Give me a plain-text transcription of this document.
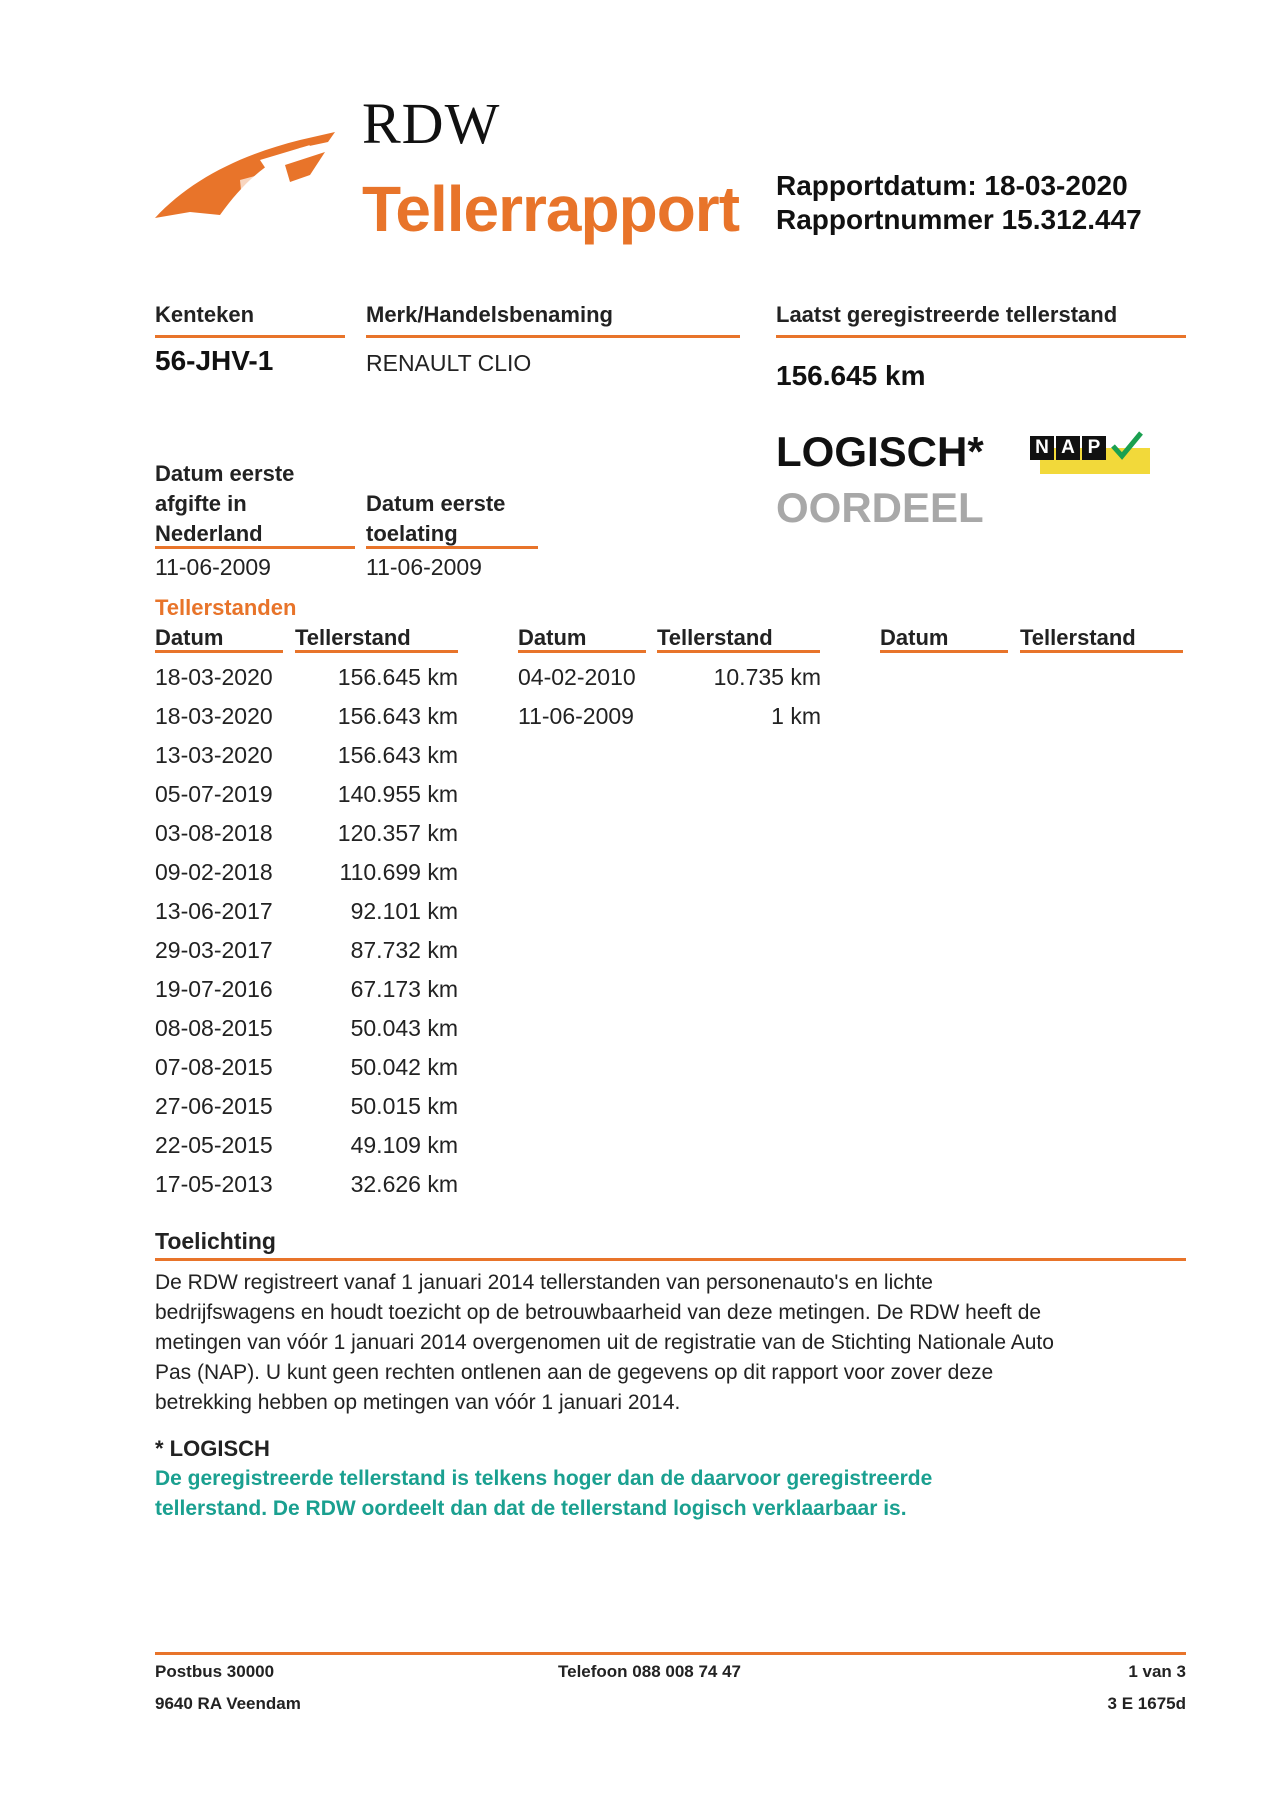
RDW
Tellerrapport Rapportdatum: 18-03-2020
Rapportnummer 15.312.447
Kenteken
56-JHV-1
Merk/Handelsbenaming
RENAULT CLIO
Laatst geregistreerde tellerstand
156.645 km
LOGISCH*
OORDEEL
N A P
Datum eerste
afgifte in
Nederland
11-06-2009
Datum eerste
toelating
11-06-2009
Tellerstanden
Datum	Tellerstand	Datum	Tellerstand	Datum	Tellerstand
18-03-2020	156.645 km
18-03-2020	156.643 km
13-03-2020	156.643 km
05-07-2019	140.955 km
03-08-2018	120.357 km
09-02-2018	110.699 km
13-06-2017	92.101 km
29-03-2017	87.732 km
19-07-2016	67.173 km
08-08-2015	50.043 km
07-08-2015	50.042 km
27-06-2015	50.015 km
22-05-2015	49.109 km
17-05-2013	32.626 km
04-02-2010	10.735 km
11-06-2009	1 km
Toelichting
De RDW registreert vanaf 1 januari 2014 tellerstanden van personenauto's en lichte
bedrijfswagens en houdt toezicht op de betrouwbaarheid van deze metingen. De RDW heeft de
metingen van vóór 1 januari 2014 overgenomen uit de registratie van de Stichting Nationale Auto
Pas (NAP). U kunt geen rechten ontlenen aan de gegevens op dit rapport voor zover deze
betrekking hebben op metingen van vóór 1 januari 2014.
* LOGISCH
De geregistreerde tellerstand is telkens hoger dan de daarvoor geregistreerde
tellerstand. De RDW oordeelt dan dat de tellerstand logisch verklaarbaar is.
Postbus 30000
9640 RA Veendam
Telefoon 088 008 74 47	1 van 3
3 E 1675d
